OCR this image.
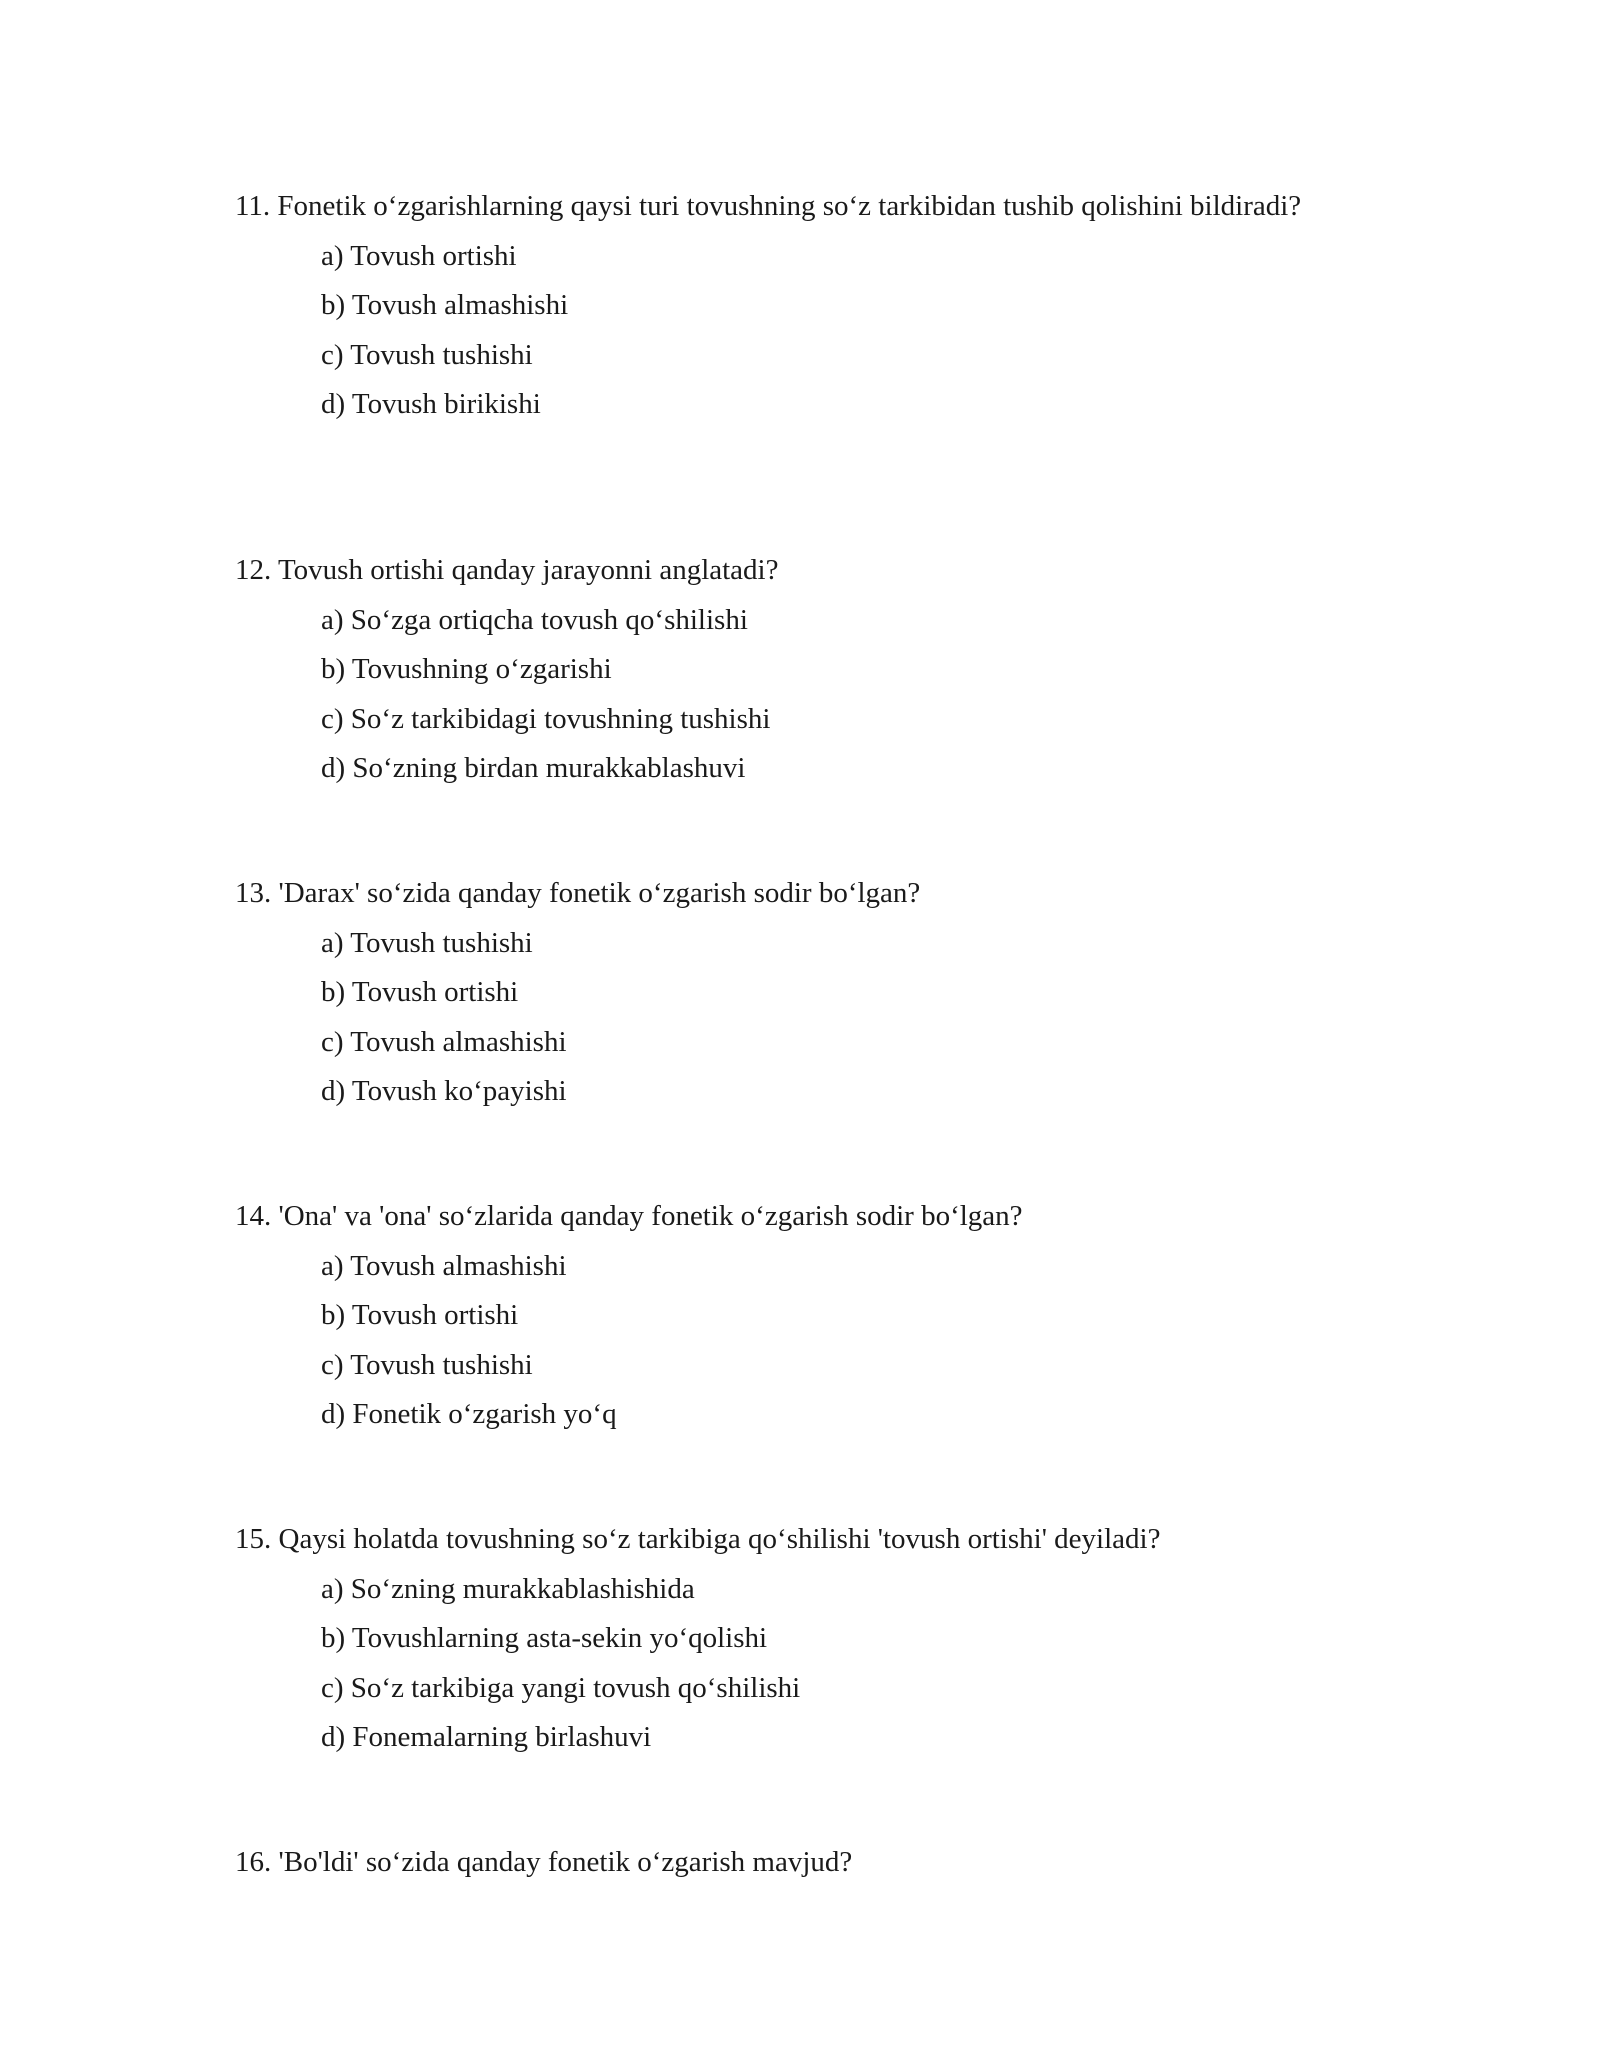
11. Fonetik o‘zgarishlarning qaysi turi tovushning so‘z tarkibidan tushib qolishini bildiradi?

a) Tovush ortishi
b) Tovush almashishi
c) Tovush tushishi
d) Tovush birikishi

12. Tovush ortishi qanday jarayonni anglatadi?

a) So‘zga ortiqcha tovush qo‘shilishi
b) Tovushning o‘zgarishi
c) So‘z tarkibidagi tovushning tushishi
d) So‘zning birdan murakkablashuvi

13. 'Darax' so‘zida qanday fonetik o‘zgarish sodir bo‘lgan?

a) Tovush tushishi
b) Tovush ortishi
c) Tovush almashishi
d) Tovush ko‘payishi

14. 'Ona' va 'ona' so‘zlarida qanday fonetik o‘zgarish sodir bo‘lgan?

a) Tovush almashishi
b) Tovush ortishi
c) Tovush tushishi
d) Fonetik o‘zgarish yo‘q

15. Qaysi holatda tovushning so‘z tarkibiga qo‘shilishi 'tovush ortishi' deyiladi?

a) So‘zning murakkablashishida
b) Tovushlarning asta-sekin yo‘qolishi
c) So‘z tarkibiga yangi tovush qo‘shilishi
d) Fonemalarning birlashuvi

16. 'Bo'ldi' so‘zida qanday fonetik o‘zgarish mavjud?
